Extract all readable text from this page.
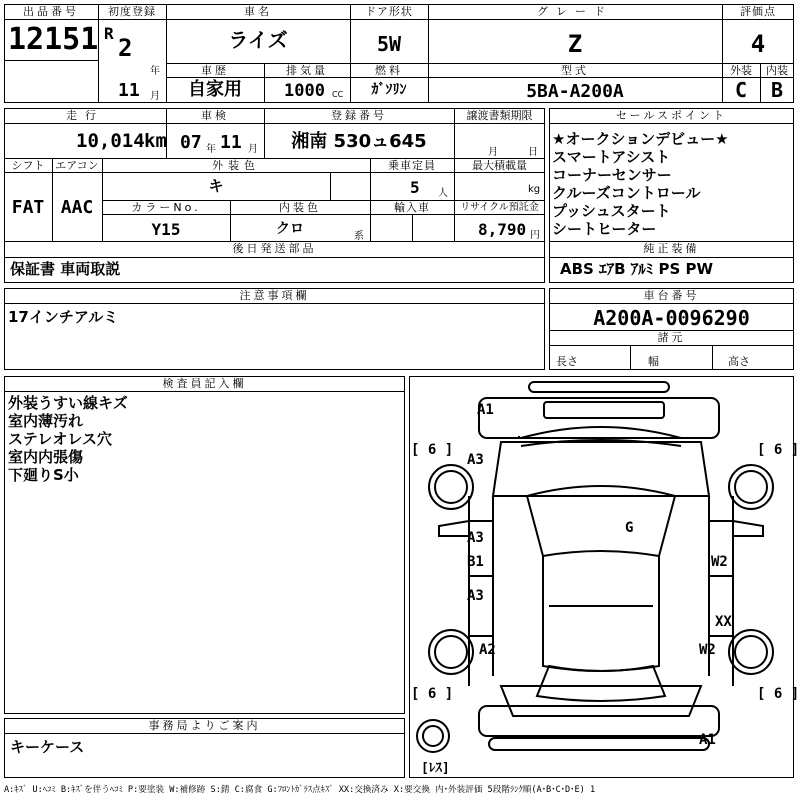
出品番号
12151
初度登録
R
2
年
11 月
車名
ライズ
ドア形状
5W
グレード
Z
評価点
4
車歴
自家用
排気量
1000 CC
燃料
ｶﾞｿﾘﾝ
型式
5BA-A200A
外装	内装
C	B
走行
10,014 km
車検
07 年 11 月
登録番号
湘南 530ュ645
譲渡書類期限
月	日
シフト エアコン
FAT AAC
外装色
キ
乗車定員
5 人
最大積載量
kg
カラーNo.
Y15
内装色
クロ	系
輸入車	リサイクル預託金
8,790 円
後日発送部品
保証書 車両取説
セールスポイント
★オークションデビュー★
スマートアシスト
コーナーセンサー
クルーズコントロール
プッシュスタート
シートヒーター
純正装備
ABS ｴｱB ｱﾙﾐ PS PW
注意事項欄
17インチアルミ
車台番号
A200A-0096290
諸元
長さ	幅	高さ
検査員記入欄
外装うすい線キズ
室内薄汚れ
ステレオレス穴
室内内張傷
下廻りS小
事務局よりご案内
キーケース
A1
A3
A3
B1
A3
A2
G
W2
XX
W2
A1
[ 6 ]	[ 6 ]
[ 6 ]	[ 6 ]
[ﾚｽ]
A:ｷｽﾞ U:ﾍｺﾐ B:ｷｽﾞを伴うﾍｺﾐ P:要塗装 W:補修跡 S:錆 C:腐食 G:ﾌﾛﾝﾄｶﾞﾗｽ点ｷｽﾞ XX:交換済み X:要交換 内･外装評価 5段階ﾗﾝｸ順(A･B･C･D･E) 1
